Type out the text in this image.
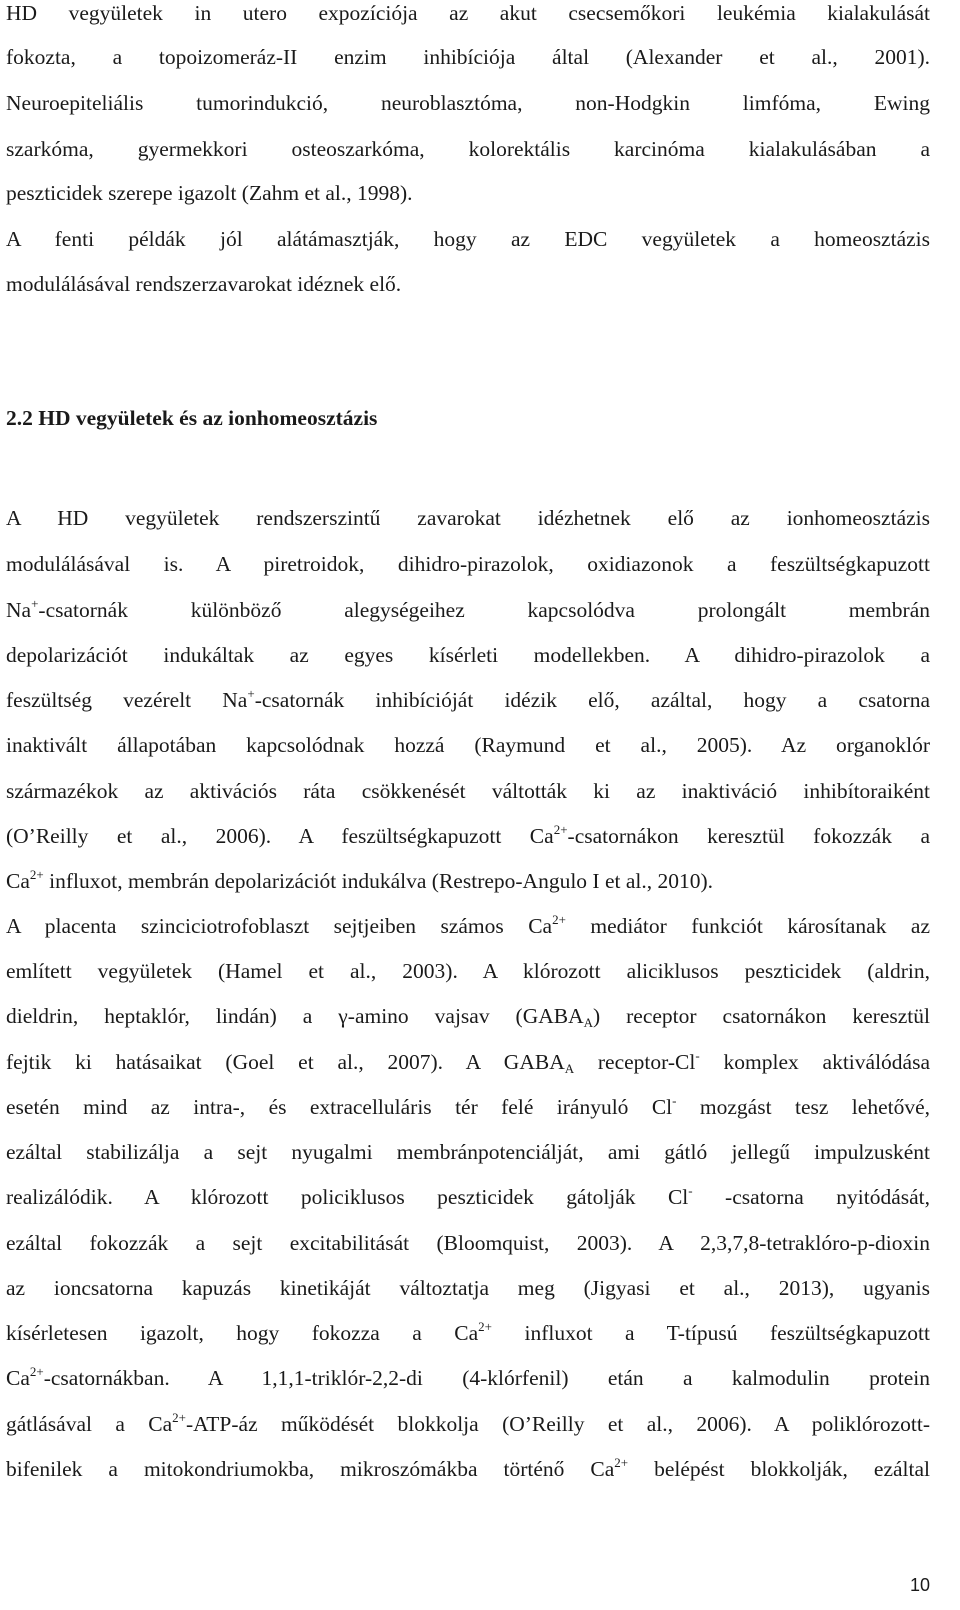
HD vegyületek in utero expozíciója az akut csecsemőkori leukémia kialakulását
fokozta, a topoizomeráz-II enzim inhibíciója által (Alexander et al., 2001).
Neuroepiteliális tumorindukció, neuroblasztóma, non-Hodgkin limfóma, Ewing
szarkóma, gyermekkori osteoszarkóma, kolorektális karcinóma kialakulásában a
peszticidek szerepe igazolt (Zahm et al., 1998).
A fenti példák jól alátámasztják, hogy az EDC vegyületek a homeosztázis
modulálásával rendszerzavarokat idéznek elő.
2.2 HD vegyületek és az ionhomeosztázis
A HD vegyületek rendszerszintű zavarokat idézhetnek elő az ionhomeosztázis
modulálásával is. A piretroidok, dihidro-pirazolok, oxidiazonok a feszültségkapuzott
Na+-csatornák különböző alegységeihez kapcsolódva prolongált membrán
depolarizációt indukáltak az egyes kísérleti modellekben. A dihidro-pirazolok a
feszültség vezérelt Na+-csatornák inhibícióját idézik elő, azáltal, hogy a csatorna
inaktivált állapotában kapcsolódnak hozzá (Raymund et al., 2005). Az organoklór
származékok az aktivációs ráta csökkenését váltották ki az inaktiváció inhibítoraiként
(O’Reilly et al., 2006). A feszültségkapuzott $Ca^{2+}$-csatornákon keresztül fokozzák a
$Ca^{2+}$ influxot, membrán depolarizációt indukálva (Restrepo-Angulo I et al., 2010).
A placenta szinciciotrofoblaszt sejtjeiben számos $Ca^{2+}$ mediátor funkciót károsítanak az
említett vegyületek (Hamel et al., 2003). A klórozott aliciklusos peszticidek (aldrin,
dieldrin, heptaklór, lindán) a γ-amino vajsav $(GABA_A)$ receptor csatornákon keresztül
fejtik ki hatásaikat (Goel et al., 2007). A $GABA_A$ receptor-Cl- komplex aktiválódása
esetén mind az intra-, és extracelluláris tér felé irányuló Cl- mozgást tesz lehetővé,
ezáltal stabilizálja a sejt nyugalmi membránpotenciálját, ami gátló jellegű impulzusként
realizálódik. A klórozott policiklusos peszticidek gátolják Cl- -csatorna nyitódását,
ezáltal fokozzák a sejt excitabilitását (Bloomquist, 2003). A 2,3,7,8-tetraklóro-p-dioxin
az ioncsatorna kapuzás kinetikáját változtatja meg (Jigyasi et al., 2013), ugyanis
kísérletesen igazolt, hogy fokozza a $Ca^{2+}$ influxot a T-típusú feszültségkapuzott
$Ca^{2+}$-csatornákban. A 1,1,1-triklór-2,2-di (4-klórfenil) etán a kalmodulin protein
gátlásával a $Ca^{2+}-ATP-áz$ működését blokkolja (O’Reilly et al., 2006). A poliklórozott-
bifenilek a mitokondriumokba, mikroszómákba történő $Ca^{2+}$ belépést blokkolják, ezáltal
10
